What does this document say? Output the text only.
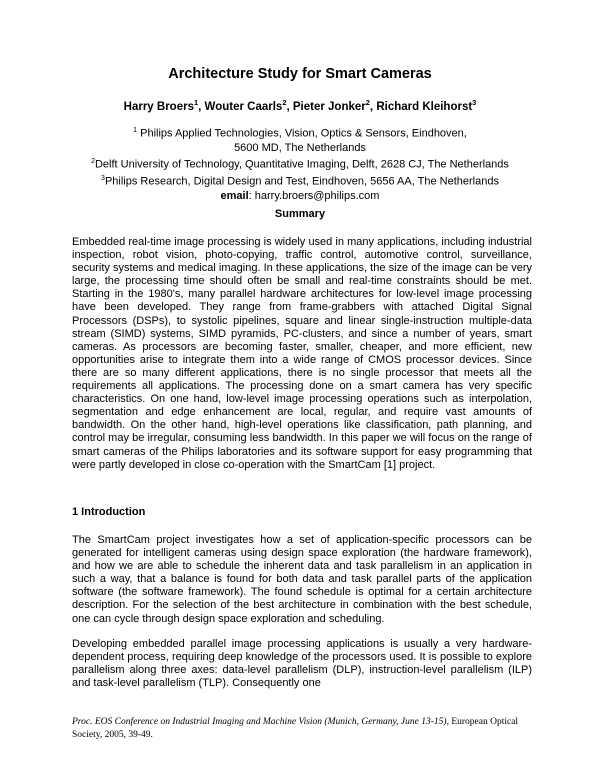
Architecture Study for Smart Cameras
Harry Broers$^1$, Wouter Caarls$^2$, Pieter Jonker$^2$, Richard Kleihorst$^3$
$^1$ Philips Applied Technologies, Vision, Optics & Sensors, Eindhoven,
5600 MD, The Netherlands
$^2$Delft University of Technology, Quantitative Imaging, Delft, 2628 CJ, The Netherlands
$^3$Philips Research, Digital Design and Test, Eindhoven, 5656 AA, The Netherlands
email: harry.broers@philips.com
Summary

Embedded real-time image processing is widely used in many applications, including industrial inspection, robot vision, photo-copying, traffic control, automotive control, surveillance, security systems and medical imaging. In these applications, the size of the image can be very large, the processing time should often be small and real-time constraints should be met. Starting in the 1980's, many parallel hardware architectures for low-level image processing have been developed. They range from frame-grabbers with attached Digital Signal Processors (DSPs), to systolic pipelines, square and linear single-instruction multiple-data stream (SIMD) systems, SIMD pyramids, PC-clusters, and since a number of years, smart cameras. As processors are becoming faster, smaller, cheaper, and more efficient, new opportunities arise to integrate them into a wide range of CMOS processor devices. Since there are so many different applications, there is no single processor that meets all the requirements all applications. The processing done on a smart camera has very specific characteristics. On one hand, low-level image processing operations such as interpolation, segmentation and edge enhancement are local, regular, and require vast amounts of bandwidth. On the other hand, high-level operations like classification, path planning, and control may be irregular, consuming less bandwidth. In this paper we will focus on the range of smart cameras of the Philips laboratories and its software support for easy programming that were partly developed in close co-operation with the SmartCam [1] project.

1 Introduction

The SmartCam project investigates how a set of application-specific processors can be generated for intelligent cameras using design space exploration (the hardware framework), and how we are able to schedule the inherent data and task parallelism in an application in such a way, that a balance is found for both data and task parallel parts of the application software (the software framework). The found schedule is optimal for a certain architecture description. For the selection of the best architecture in combination with the best schedule, one can cycle through design space exploration and scheduling.

Developing embedded parallel image processing applications is usually a very hardware-dependent process, requiring deep knowledge of the processors used. It is possible to explore parallelism along three axes: data-level parallelism (DLP), instruction-level parallelism (ILP) and task-level parallelism (TLP). Consequently one

Proc. EOS Conference on Industrial Imaging and Machine Vision (Munich, Germany, June 13-15), European Optical Society, 2005, 39-49.
